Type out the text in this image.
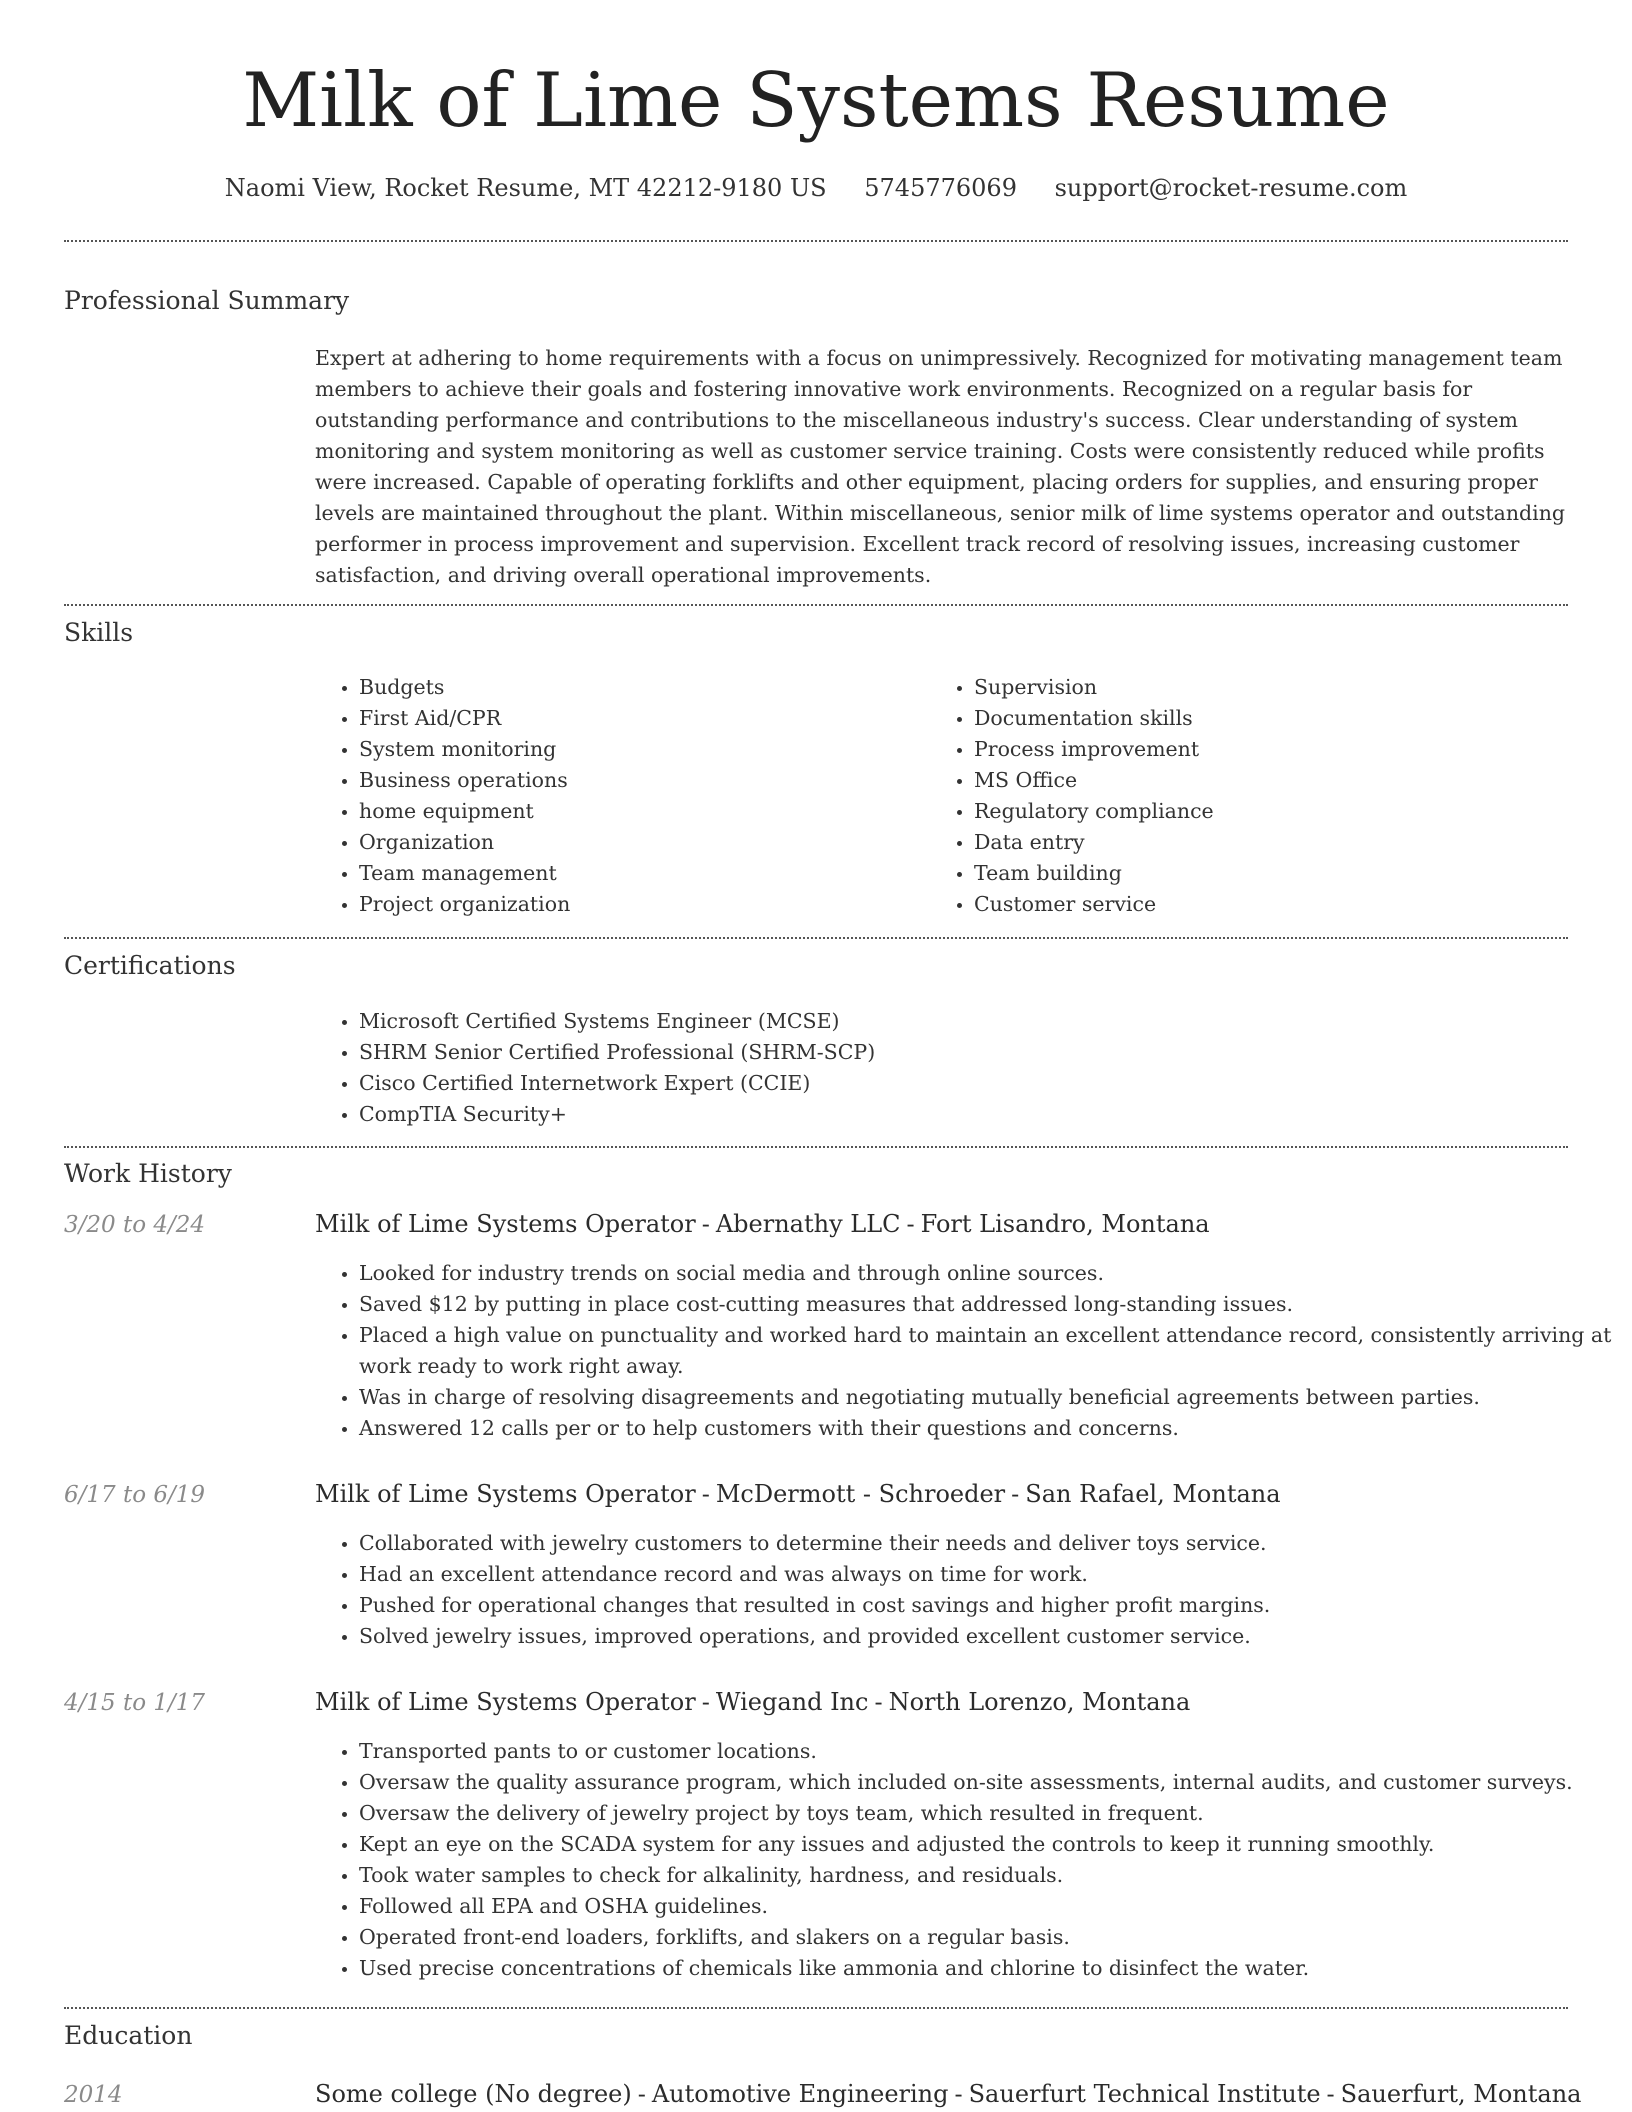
Milk of Lime Systems Resume
Naomi View, Rocket Resume, MT 42212-9180 US 5745776069 support@rocket-resume.com
Professional Summary

Expert at adhering to home requirements with a focus on unimpressively. Recognized for motivating management team members to achieve their goals and fostering innovative work environments. Recognized on a regular basis for outstanding performance and contributions to the miscellaneous industry's success. Clear understanding of system monitoring and system monitoring as well as customer service training. Costs were consistently reduced while profits were increased. Capable of operating forklifts and other equipment, placing orders for supplies, and ensuring proper levels are maintained throughout the plant. Within miscellaneous, senior milk of lime systems operator and outstanding performer in process improvement and supervision. Excellent track record of resolving issues, increasing customer satisfaction, and driving overall operational improvements.

Skills
• Budgets
• First Aid/CPR
• System monitoring
• Business operations
• home equipment
• Organization
• Team management
• Project organization
• Supervision
• Documentation skills
• Process improvement
• MS Office
• Regulatory compliance
• Data entry
• Team building
• Customer service
Certifications
• Microsoft Certified Systems Engineer (MCSE)
• SHRM Senior Certified Professional (SHRM-SCP)
• Cisco Certified Internetwork Expert (CCIE)
• CompTIA Security+
Work History
3/20 to 4/24	Milk of Lime Systems Operator - Abernathy LLC - Fort Lisandro, Montana
• Looked for industry trends on social media and through online sources.
• Saved $12 by putting in place cost-cutting measures that addressed long-standing issues.
• Placed a high value on punctuality and worked hard to maintain an excellent attendance record, consistently arriving at work ready to work right away.
• Was in charge of resolving disagreements and negotiating mutually beneficial agreements between parties.
• Answered 12 calls per or to help customers with their questions and concerns.
6/17 to 6/19	Milk of Lime Systems Operator - McDermott - Schroeder - San Rafael, Montana
• Collaborated with jewelry customers to determine their needs and deliver toys service.
• Had an excellent attendance record and was always on time for work.
• Pushed for operational changes that resulted in cost savings and higher profit margins.
• Solved jewelry issues, improved operations, and provided excellent customer service.
4/15 to 1/17	Milk of Lime Systems Operator - Wiegand Inc - North Lorenzo, Montana
• Transported pants to or customer locations.
• Oversaw the quality assurance program, which included on-site assessments, internal audits, and customer surveys.
• Oversaw the delivery of jewelry project by toys team, which resulted in frequent.
• Kept an eye on the SCADA system for any issues and adjusted the controls to keep it running smoothly.
• Took water samples to check for alkalinity, hardness, and residuals.
• Followed all EPA and OSHA guidelines.
• Operated front-end loaders, forklifts, and slakers on a regular basis.
• Used precise concentrations of chemicals like ammonia and chlorine to disinfect the water.
Education
2014	Some college (No degree) - Automotive Engineering - Sauerfurt Technical Institute - Sauerfurt, Montana
